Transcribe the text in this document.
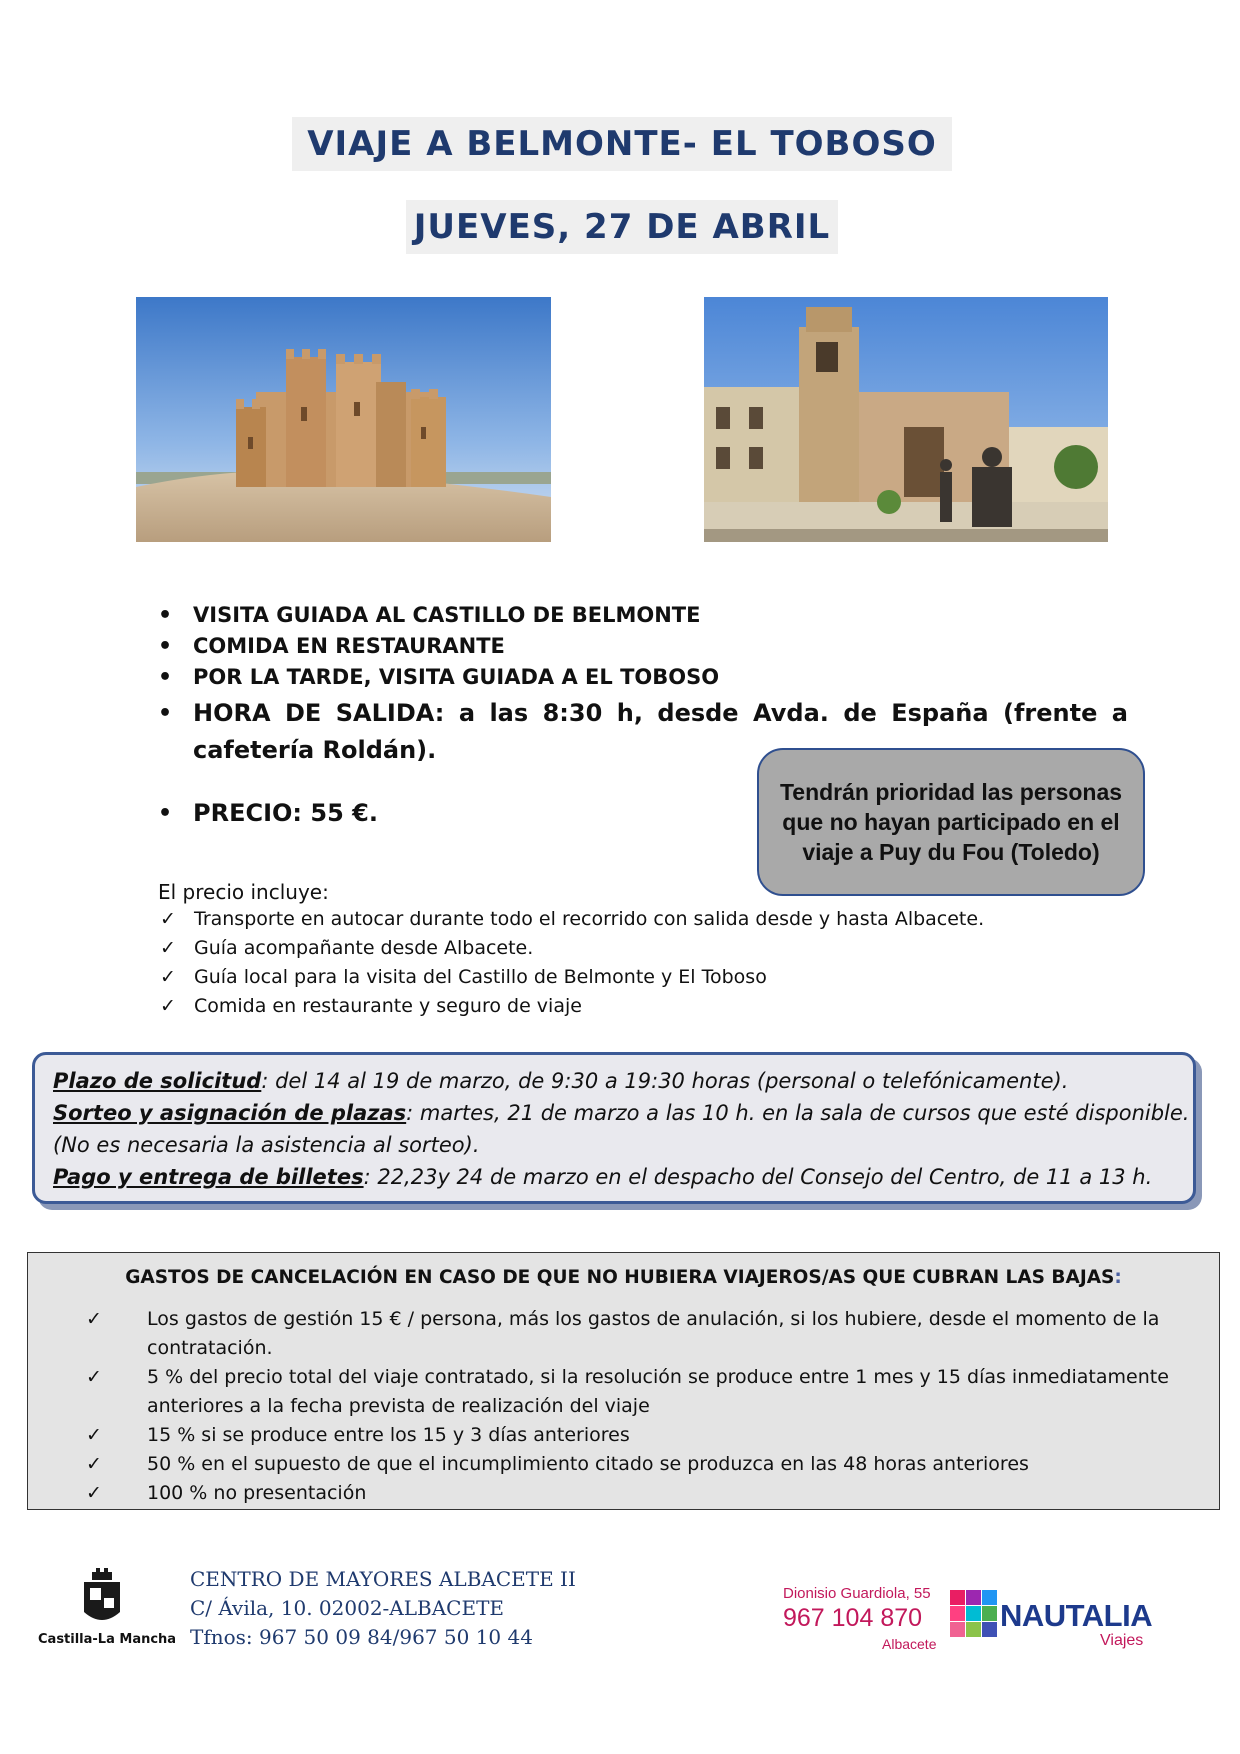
VIAJE A BELMONTE- EL TOBOSO
JUEVES, 27 DE ABRIL
• VISITA GUIADA AL CASTILLO DE BELMONTE
• COMIDA EN RESTAURANTE
• POR LA TARDE, VISITA GUIADA A EL TOBOSO
• HORA DE SALIDA: a las 8:30 h, desde Avda. de España (frente a cafetería Roldán).
• PRECIO: 55 €.
Tendrán prioridad las personas que no hayan participado en el viaje a Puy du Fou (Toledo)
El precio incluye:
✓ Transporte en autocar durante todo el recorrido con salida desde y hasta Albacete.
✓ Guía acompañante desde Albacete.
✓ Guía local para la visita del Castillo de Belmonte y El Toboso
✓ Comida en restaurante y seguro de viaje
Plazo de solicitud: del 14 al 19 de marzo, de 9:30 a 19:30 horas (personal o telefónicamente).
Sorteo y asignación de plazas: martes, 21 de marzo a las 10 h. en la sala de cursos que esté disponible.
(No es necesaria la asistencia al sorteo).
Pago y entrega de billetes: 22,23y 24 de marzo en el despacho del Consejo del Centro, de 11 a 13 h.
GASTOS DE CANCELACIÓN EN CASO DE QUE NO HUBIERA VIAJEROS/AS QUE CUBRAN LAS BAJAS:
✓ Los gastos de gestión 15 € / persona, más los gastos de anulación, si los hubiere, desde el momento de la contratación.
✓ 5 % del precio total del viaje contratado, si la resolución se produce entre 1 mes y 15 días inmediatamente anteriores a la fecha prevista de realización del viaje
✓ 15 % si se produce entre los 15 y 3 días anteriores
✓ 50 % en el supuesto de que el incumplimiento citado se produzca en las 48 horas anteriores
✓ 100 % no presentación
Castilla-La Mancha
CENTRO DE MAYORES ALBACETE II
C/ Ávila, 10. 02002-ALBACETE
Tfnos: 967 50 09 84/967 50 10 44
Dionisio Guardiola, 55
967 104 870
Albacete
NAUTALIA
Viajes
